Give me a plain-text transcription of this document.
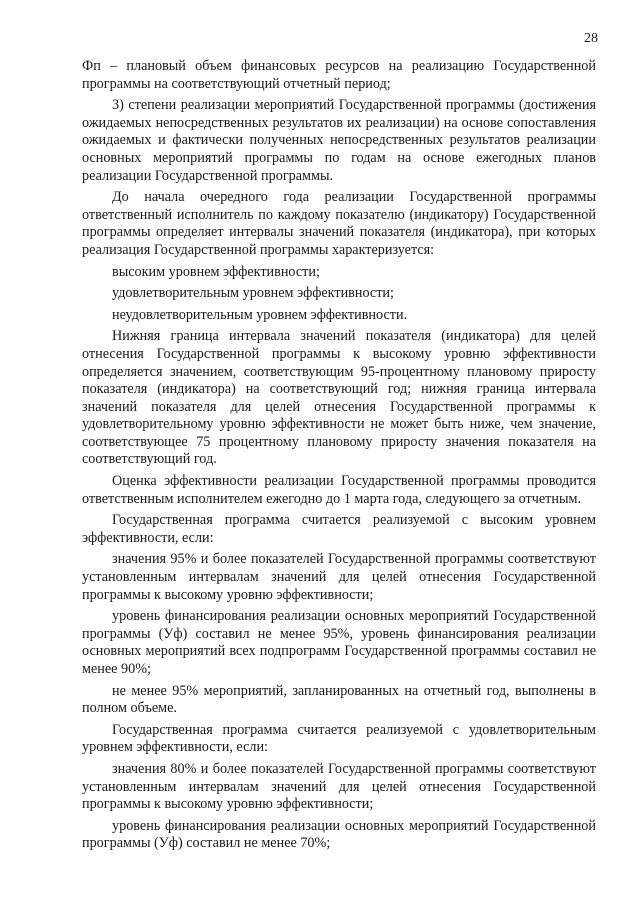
28

Фп – плановый объем финансовых ресурсов на реализацию Государственной программы на соответствующий отчетный период;

3) степени реализации мероприятий Государственной программы (достижения ожидаемых непосредственных результатов их реализации) на основе сопоставления ожидаемых и фактически полученных непосредственных результатов реализации основных мероприятий программы по годам на основе ежегодных планов реализации Государственной программы.

До начала очередного года реализации Государственной программы ответственный исполнитель по каждому показателю (индикатору) Государственной программы определяет интервалы значений показателя (индикатора), при которых реализация Государственной программы характеризуется:

высоким уровнем эффективности;

удовлетворительным уровнем эффективности;

неудовлетворительным уровнем эффективности.

Нижняя граница интервала значений показателя (индикатора) для целей отнесения Государственной программы к высокому уровню эффективности определяется значением, соответствующим 95-процентному плановому приросту показателя (индикатора) на соответствующий год; нижняя граница интервала значений показателя для целей отнесения Государственной программы к удовлетворительному уровню эффективности не может быть ниже, чем значение, соответствующее 75 процентному плановому приросту значения показателя на соответствующий год.

Оценка эффективности реализации Государственной программы проводится ответственным исполнителем ежегодно до 1 марта года, следующего за отчетным.

Государственная программа считается реализуемой с высоким уровнем эффективности, если:

значения 95% и более показателей Государственной программы соответствуют установленным интервалам значений для целей отнесения Государственной программы к высокому уровню эффективности;

уровень финансирования реализации основных мероприятий Государственной программы (Уф) составил не менее 95%, уровень финансирования реализации основных мероприятий всех подпрограмм Государственной программы составил не менее 90%;

не менее 95% мероприятий, запланированных на отчетный год, выполнены в полном объеме.

Государственная программа считается реализуемой с удовлетворительным уровнем эффективности, если:

значения 80% и более показателей Государственной программы соответствуют установленным интервалам значений для целей отнесения Государственной программы к высокому уровню эффективности;

уровень финансирования реализации основных мероприятий Государственной программы (Уф) составил не менее 70%;
